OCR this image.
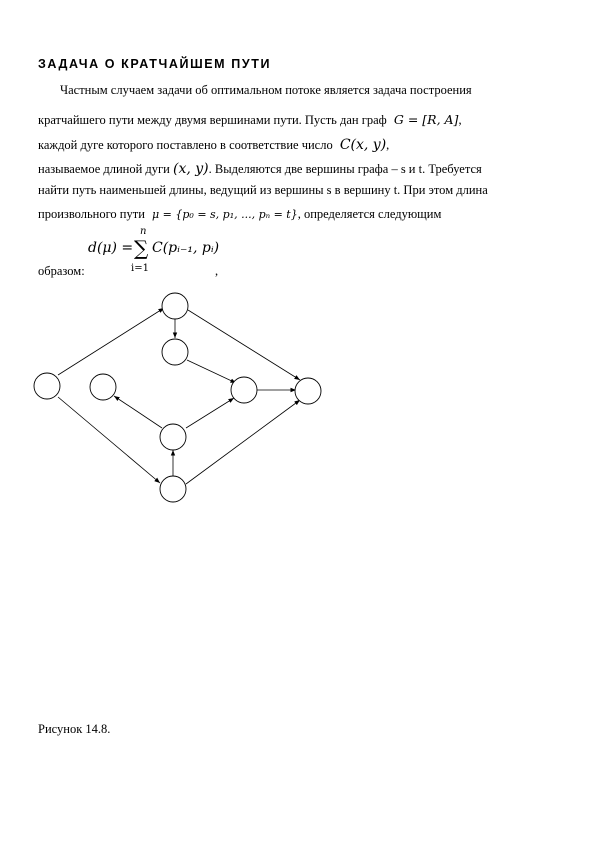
ЗАДАЧА О КРАТЧАЙШЕМ ПУТИ
Частным случаем задачи об оптимальном потоке является задача построения
кратчайшего пути между двумя вершинами пути. Пусть дан граф G = [R, A],
каждой дуге которого поставлено в соответствие число C(x, y),
называемое длиной дуги (x, y). Выделяются две вершины графа – s и t. Требуется
найти путь наименьшей длины, ведущий из вершины s в вершину t. При этом длина
произвольного пути μ = {p₀ = s, p₁, ..., pₙ = t}, определяется следующим
d(μ) =
n
∑
i=1
C(pᵢ₋₁, pᵢ)
образом:	,
Рисунок 14.8.
